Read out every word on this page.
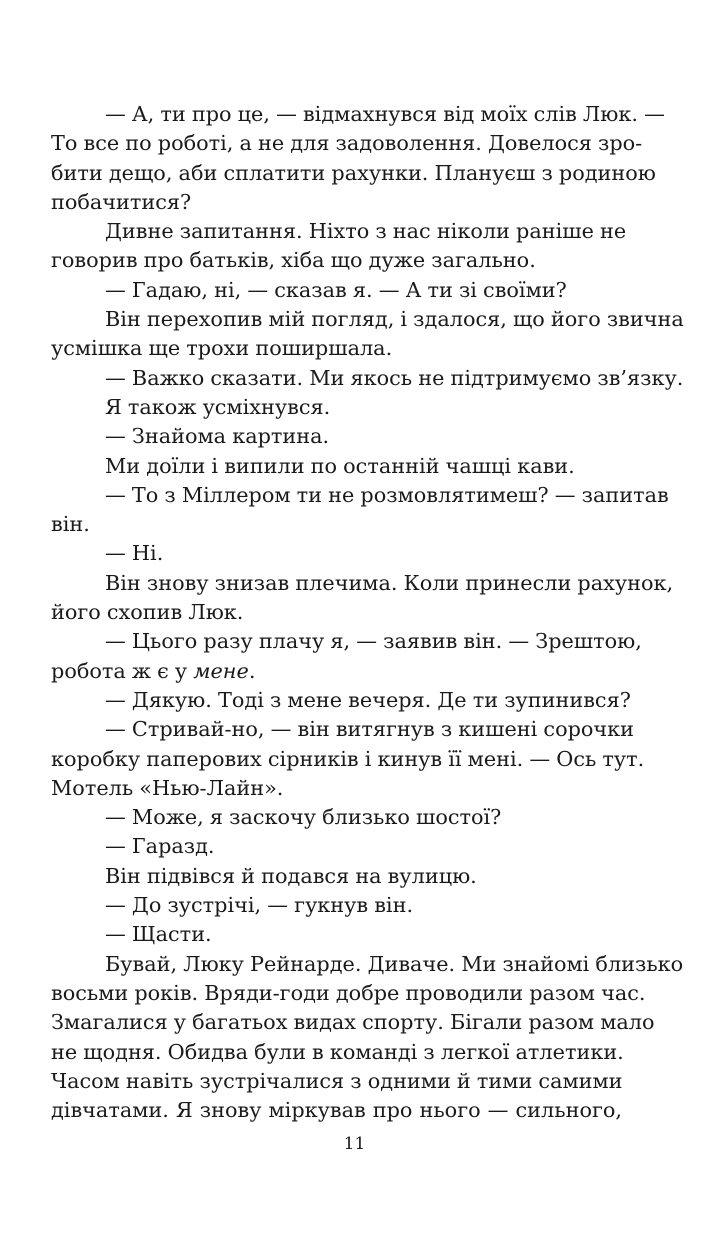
— А, ти про це, — відмахнувся від моїх слів Люк. —
То все по роботі, а не для задоволення. Довелося зро-
бити дещо, аби сплатити рахунки. Плануєш з родиною
побачитися?

Дивне запитання. Ніхто з нас ніколи раніше не
говорив про батьків, хіба що дуже загально.

— Гадаю, ні, — сказав я. — А ти зі своїми?

Він перехопив мій погляд, і здалося, що його звична
усмішка ще трохи поширшала.

— Важко сказати. Ми якось не підтримуємо зв’язку.

Я також усміхнувся.

— Знайома картина.

Ми доїли і випили по останній чашці кави.

— То з Міллером ти не розмовлятимеш? — запитав
він.

— Ні.

Він знову знизав плечима. Коли принесли рахунок,
його схопив Люк.

— Цього разу плачу я, — заявив він. — Зрештою,
робота ж є у мене.

— Дякую. Тоді з мене вечеря. Де ти зупинився?

— Стривай-но, — він витягнув з кишені сорочки
коробку паперових сірників і кинув її мені. — Ось тут.
Мотель «Нью-Лайн».

— Може, я заскочу близько шостої?

— Гаразд.

Він підвівся й подався на вулицю.

— До зустрічі, — гукнув він.

— Щасти.

Бувай, Люку Рейнарде. Диваче. Ми знайомі близько
восьми років. Вряди-годи добре проводили разом час.
Змагалися у багатьох видах спорту. Бігали разом мало
не щодня. Обидва були в команді з легкої атлетики.
Часом навіть зустрічалися з одними й тими самими
дівчатами. Я знову міркував про нього — сильного,

11
